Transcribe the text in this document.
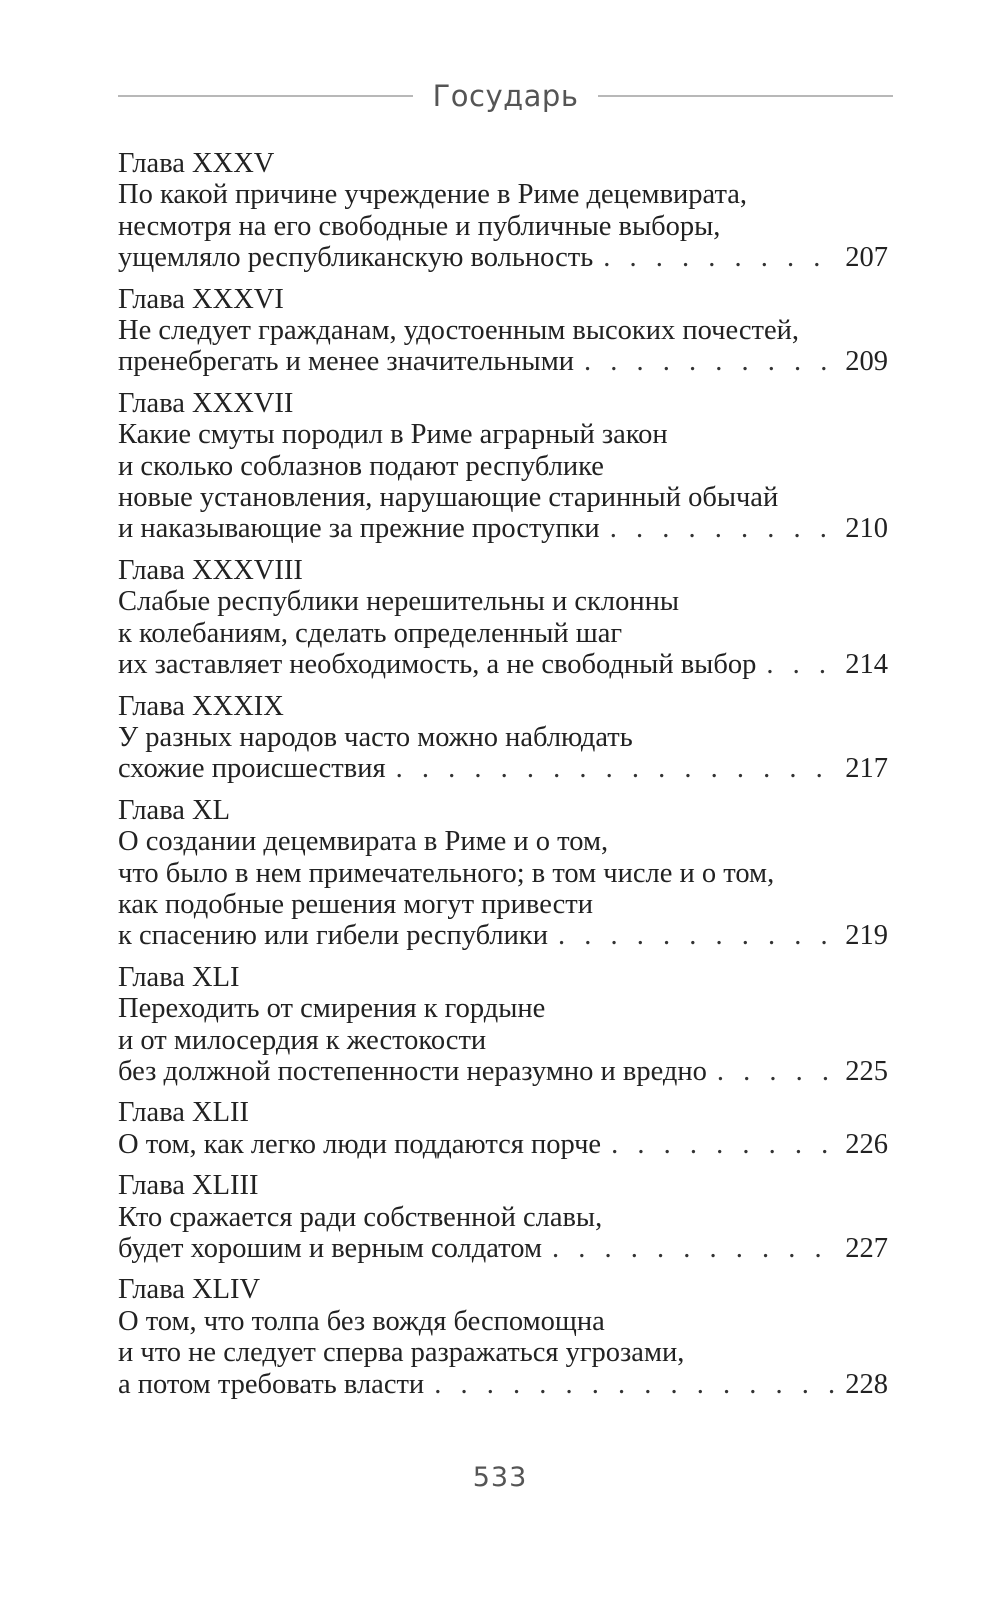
Государь
Глава XXXV
По какой причине учреждение в Риме децемвирата,
несмотря на его свободные и публичные выборы,
ущемляло республиканскую вольность . . .	207
Глава XXXVI
Не следует гражданам, удостоенным высоких почестей,
пренебрегать и менее значительными . . .	209
Глава XXXVII
Какие смуты породил в Риме аграрный закон
и сколько соблазнов подают республике
новые установления, нарушающие старинный обычай
и наказывающие за прежние проступки . . .	210
Глава XXXVIII
Слабые республики нерешительны и склонны
к колебаниям, сделать определенный шаг
их заставляет необходимость, а не свободный выбор . . .	214
Глава XXXIX
У разных народов часто можно наблюдать
схожие происшествия . . .	217
Глава XL
О создании децемвирата в Риме и о том,
что было в нем примечательного; в том числе и о том,
как подобные решения могут привести
к спасению или гибели республики . . .	219
Глава XLI
Переходить от смирения к гордыне
и от милосердия к жестокости
без должной постепенности неразумно и вредно . . .	225
Глава XLII
О том, как легко люди поддаются порче . . .	226
Глава XLIII
Кто сражается ради собственной славы,
будет хорошим и верным солдатом . . .	227
Глава XLIV
О том, что толпа без вождя беспомощна
и что не следует сперва разражаться угрозами,
а потом требовать власти . . .	228
533
